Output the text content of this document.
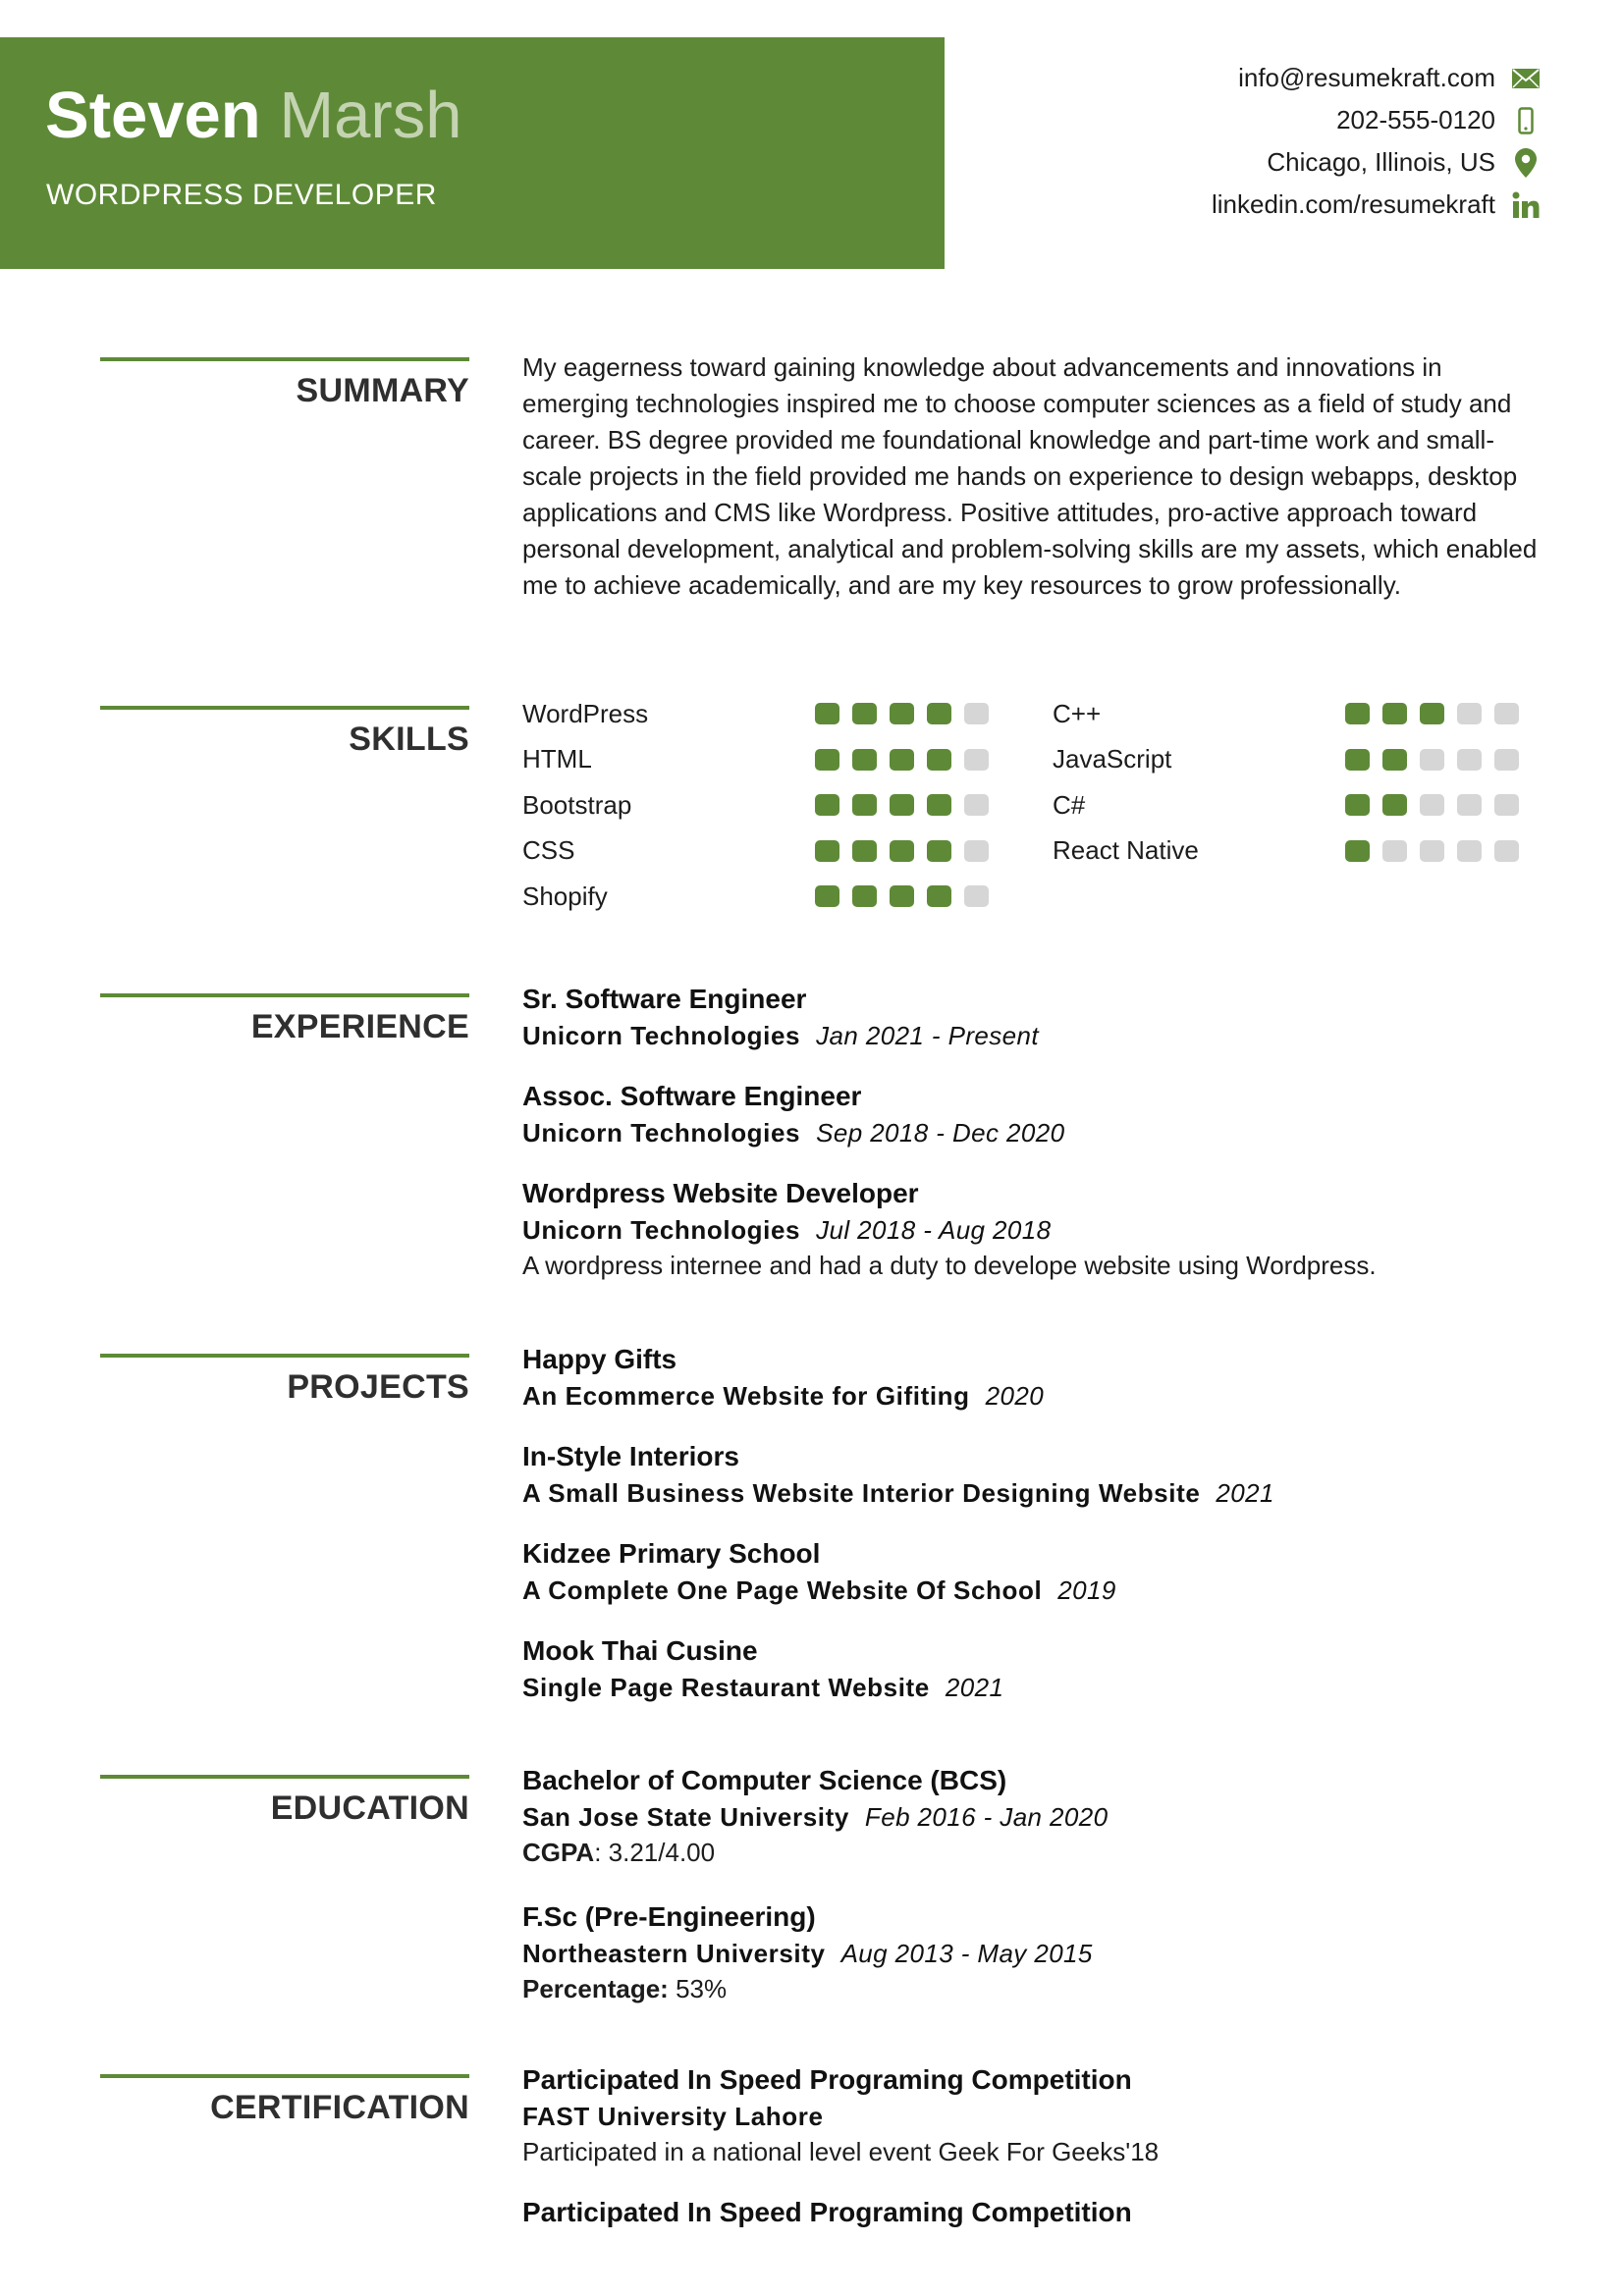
Steven Marsh
WORDPRESS DEVELOPER
info@resumekraft.com
202-555-0120
Chicago, Illinois, US
linkedin.com/resumekraft
SUMMARY

My eagerness toward gaining knowledge about advancements and innovations in emerging technologies inspired me to choose computer sciences as a field of study and career. BS degree provided me foundational knowledge and part-time work and small-scale projects in the field provided me hands on experience to design webapps, desktop applications and CMS like Wordpress. Positive attitudes, pro-active approach toward personal development, analytical and problem-solving skills are my assets, which enabled me to achieve academically, and are my key resources to grow professionally.

SKILLS
WordPress
HTML
Bootstrap
CSS
Shopify
C++
JavaScript
C#
React Native
EXPERIENCE
Sr. Software Engineer
Unicorn Technologies Jan 2021 - Present
Assoc. Software Engineer
Unicorn Technologies Sep 2018 - Dec 2020
Wordpress Website Developer
Unicorn Technologies Jul 2018 - Aug 2018
A wordpress internee and had a duty to develope website using Wordpress.
PROJECTS
Happy Gifts
An Ecommerce Website for Gifiting 2020
In-Style Interiors
A Small Business Website Interior Designing Website 2021
Kidzee Primary School
A Complete One Page Website Of School 2019
Mook Thai Cusine
Single Page Restaurant Website 2021
EDUCATION
Bachelor of Computer Science (BCS)
San Jose State University Feb 2016 - Jan 2020
CGPA: 3.21/4.00
F.Sc (Pre-Engineering)
Northeastern University Aug 2013 - May 2015
Percentage: 53%
CERTIFICATION
Participated In Speed Programing Competition
FAST University Lahore
Participated in a national level event Geek For Geeks'18
Participated In Speed Programing Competition
